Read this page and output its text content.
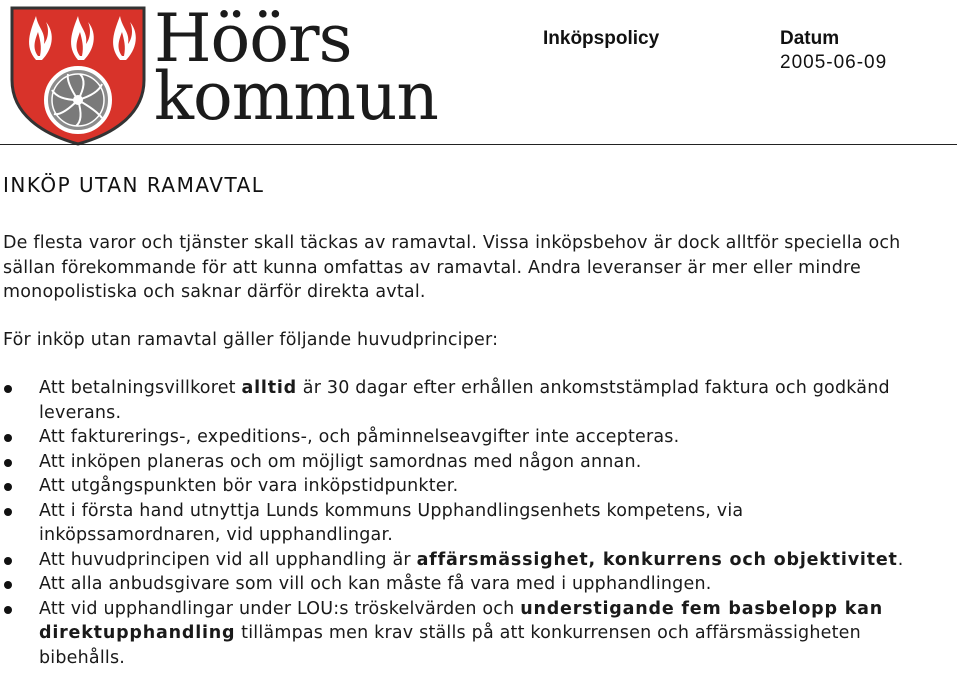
Höörs
kommun
Inköpspolicy	Datum
2005-06-09
INKÖP UTAN RAMAVTAL

De flesta varor och tjänster skall täckas av ramavtal. Vissa inköpsbehov är dock alltför speciella och sällan förekommande för att kunna omfattas av ramavtal. Andra leveranser är mer eller mindre monopolistiska och saknar därför direkta avtal.

För inköp utan ramavtal gäller följande huvudprinciper:

Att betalningsvillkoret alltid är 30 dagar efter erhållen ankomststämplad faktura och godkänd leverans.
Att fakturerings-, expeditions-, och påminnelseavgifter inte accepteras.
Att inköpen planeras och om möjligt samordnas med någon annan.
Att utgångspunkten bör vara inköpstidpunkter.
Att i första hand utnyttja Lunds kommuns Upphandlingsenhets kompetens, via inköpssamordnaren, vid upphandlingar.
Att huvudprincipen vid all upphandling är affärsmässighet, konkurrens och objektivitet.
Att alla anbudsgivare som vill och kan måste få vara med i upphandlingen.
Att vid upphandlingar under LOU:s tröskelvärden och understigande fem basbelopp kan direktupphandling tillämpas men krav ställs på att konkurrensen och affärsmässigheten bibehålls.
